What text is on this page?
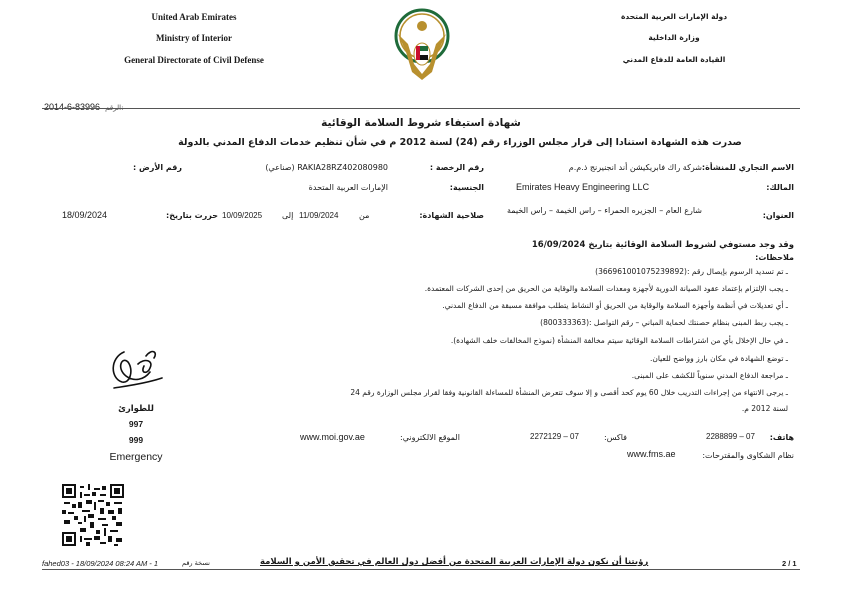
United Arab Emirates
Ministry of Interior
General Directorate of Civil Defense
دولة الإمارات العربية المتحدة
وزارة الداخلية
القيادة العامة للدفاع المدني
2014-6-83996 الرقم:
شهادة استيفاء شروط السلامة الوقائية
صدرت هذه الشهادة استنادا إلى قرار مجلس الوزراء رقم (24) لسنة 2012 م في شأن تنظيم خدمات الدفاع المدني بالدولة
الاسم التجاري للمنشأة:
شركة راك فابريكيشن أند انجنيرنج ذ.م.م
رقم الرخصة :
RAKIA28RZ402080980 (صناعي)
رقم الأرض :
المالك:
Emirates Heavy Engineering LLC
الجنسية:
الإمارات العربية المتحدة
العنوان:
شارع العام – الجزيره الحمراء – راس الخيمة – راس الخيمة
صلاحية الشهادة:
من
11/09/2024
إلى
10/09/2025
حررت بتاريخ:
18/09/2024
وقد وجد مستوفي لشروط السلامة الوقائية بتاريخ 16/09/2024
ملاحظات:
ـ تم تسديد الرسوم بإيصال رقم :(366961001075239892)
ـ يجب الإلتزام بإعتماد عقود الصيانة الدورية لأجهزة ومعدات السلامة والوقاية من الحريق من إحدى الشركات المعتمدة.
ـ أي تعديلات في أنظمة وأجهزة السلامة والوقاية من الحريق أو النشاط يتطلب موافقة مسبقة من الدفاع المدني.
ـ يجب ربط المبنى بنظام حصنتك لحماية المباني – رقم التواصل :(800333363)
ـ في حال الإخلال بأي من اشتراطات السلامة الوقائية سيتم مخالفة المنشأة (نموذج المخالفات خلف الشهادة).
ـ توضع الشهادة في مكان بارز وواضح للعيان.
ـ مراجعة الدفاع المدني سنوياً للكشف على المبنى.
ـ يرجى الانتهاء من إجراءات التدريب خلال 60 يوم كحد أقصى و إلا سوف تتعرض المنشأة للمساءلة القانونية وفقا لقرار مجلس الوزارة رقم 24
لسنة 2012 م.
للطوارئ
997
999
Emergency
هاتف:
2288899 – 07
فاكس:
2272129 – 07
الموقع الالكتروني:
www.moi.gov.ae
نظام الشكاوى والمقترحات:
www.fms.ae
fahed03 - 18/09/2024 08:24 AM - 1	نسخة رقم	رؤيتنا أن نكون دولة الإمارات العربية المتحدة من أفضل دول العالم في تحقيق الأمن و السلامة	2 / 1
